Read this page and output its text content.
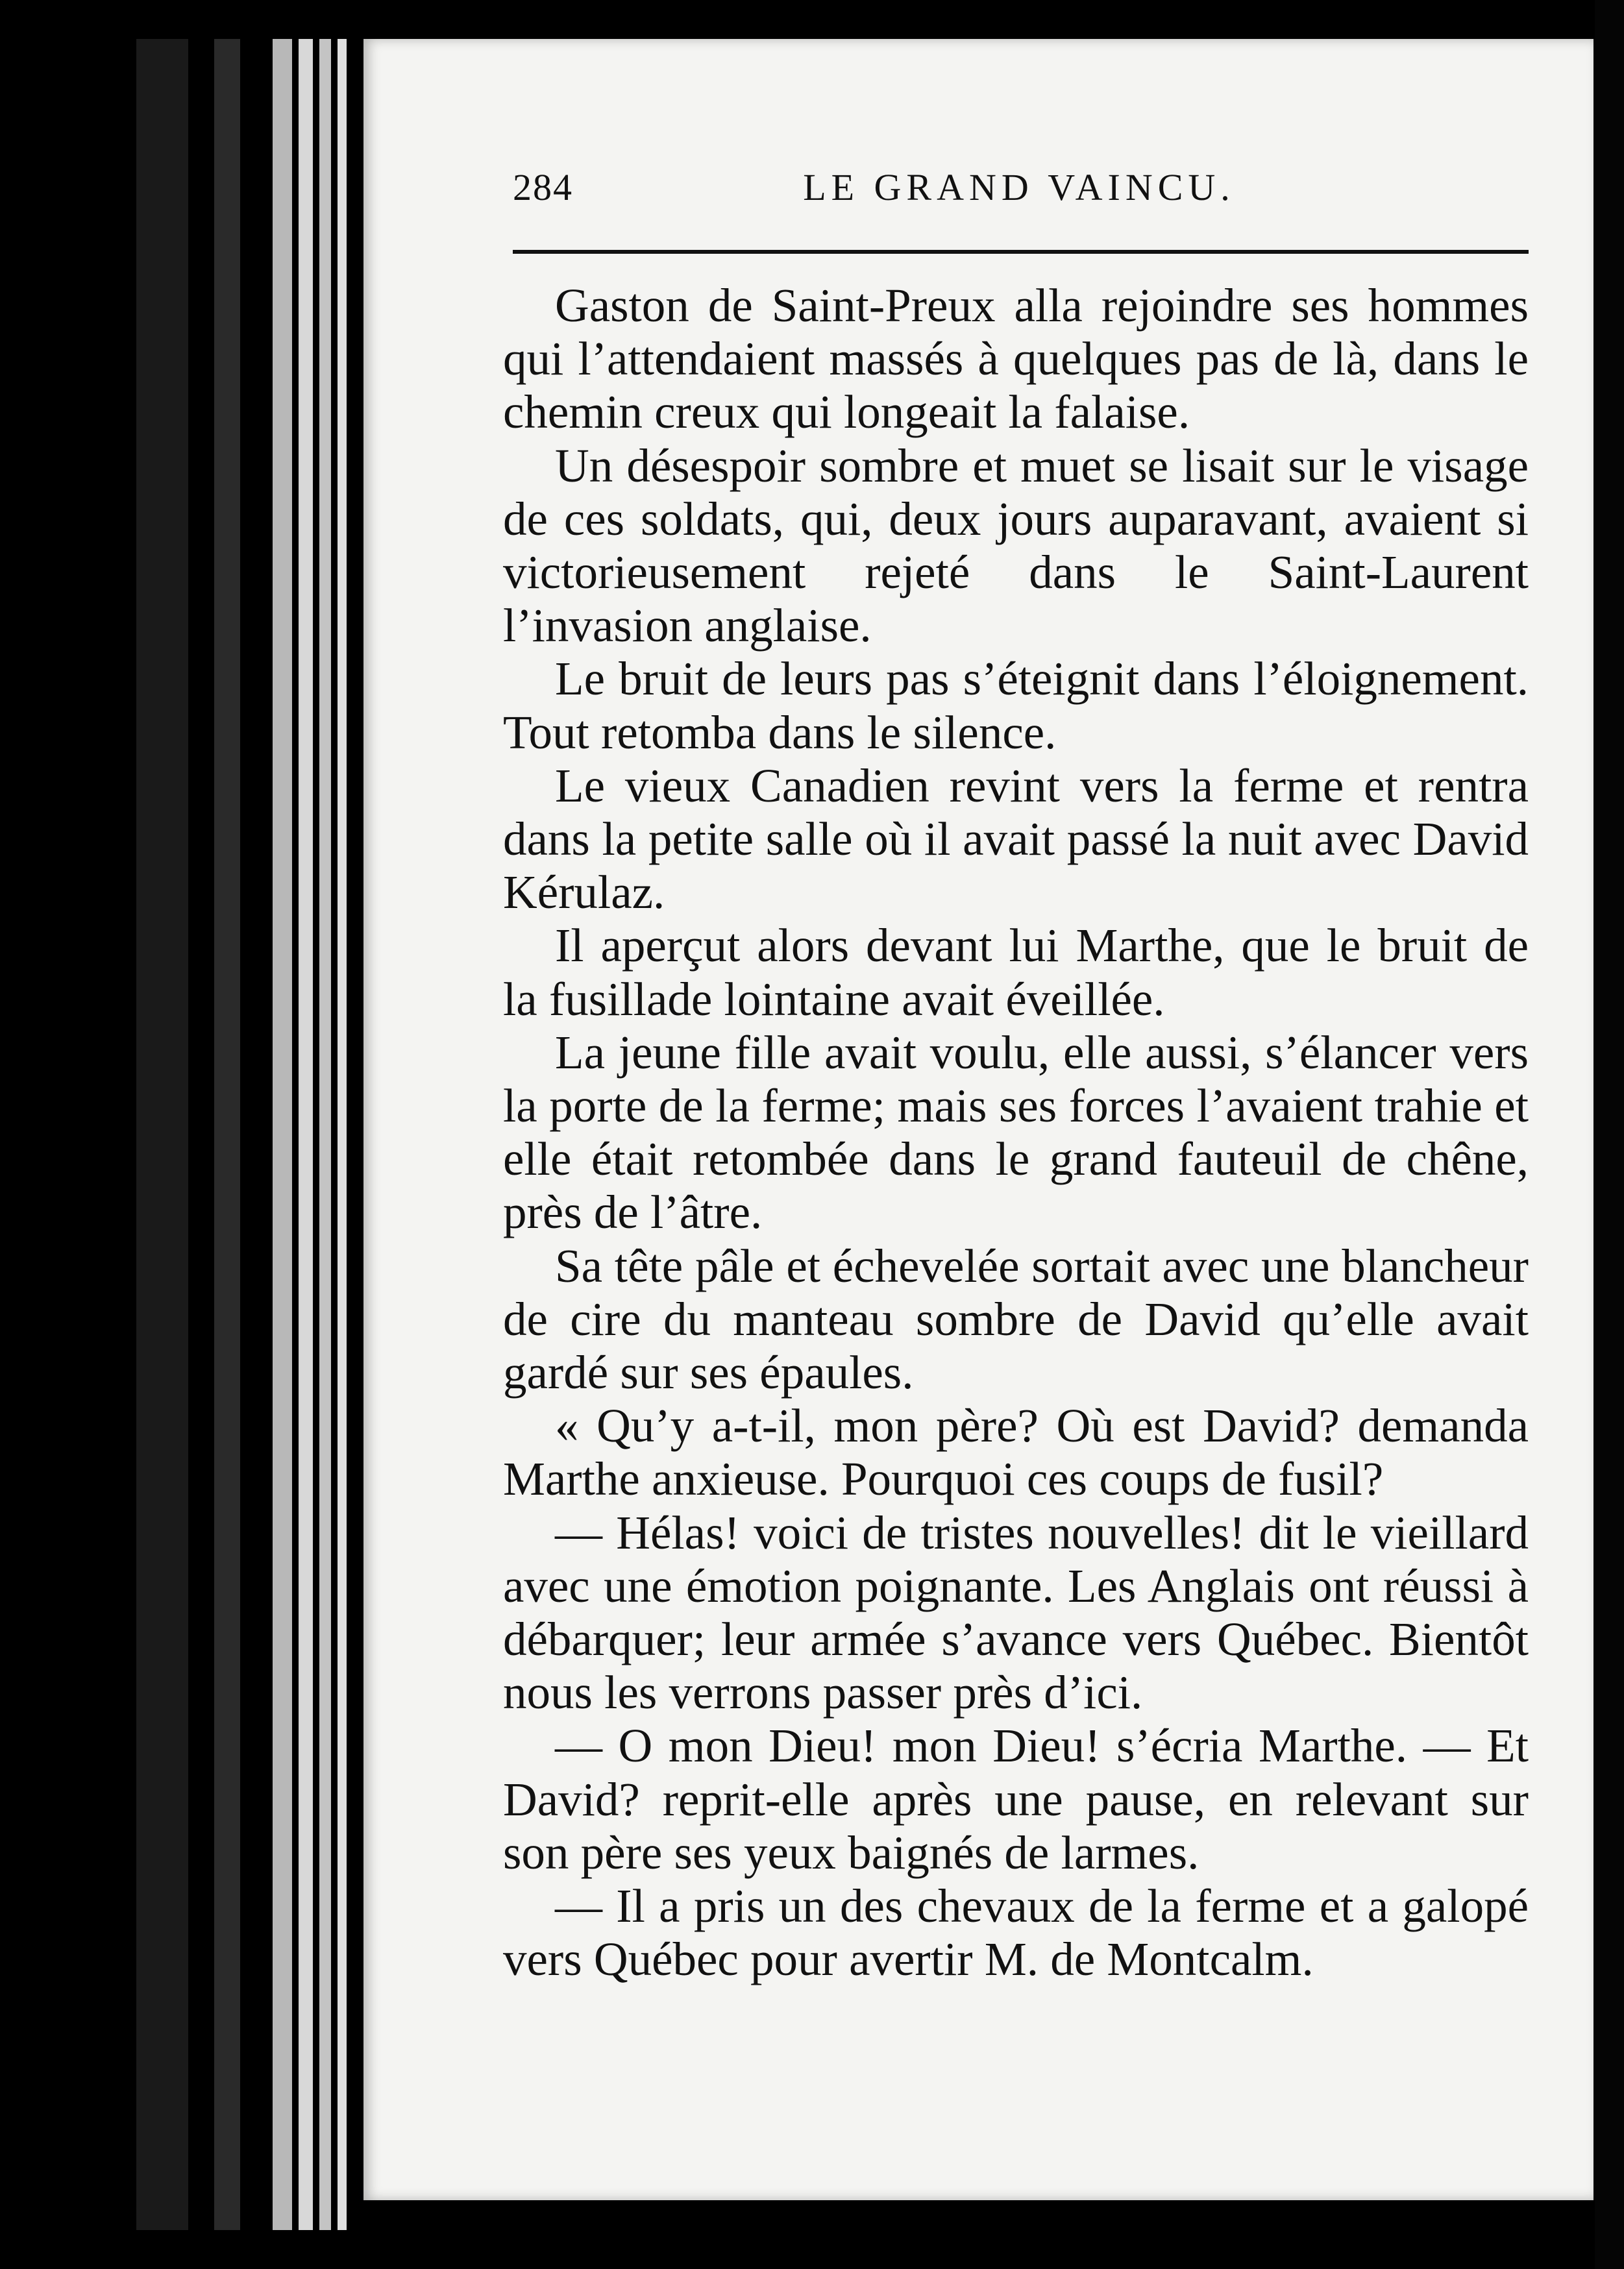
284	LE GRAND VAINCU.

Gaston de Saint-Preux alla rejoindre ses hommes qui l’attendaient massés à quelques pas de là, dans le chemin creux qui longeait la falaise.

Un désespoir sombre et muet se lisait sur le visage de ces soldats, qui, deux jours auparavant, avaient si victorieusement rejeté dans le Saint-Laurent l’invasion anglaise.

Le bruit de leurs pas s’éteignit dans l’éloignement. Tout retomba dans le silence.

Le vieux Canadien revint vers la ferme et rentra dans la petite salle où il avait passé la nuit avec David Kérulaz.

Il aperçut alors devant lui Marthe, que le bruit de la fusillade lointaine avait éveillée.

La jeune fille avait voulu, elle aussi, s’élancer vers la porte de la ferme; mais ses forces l’avaient trahie et elle était retombée dans le grand fauteuil de chêne, près de l’âtre.

Sa tête pâle et échevelée sortait avec une blancheur de cire du manteau sombre de David qu’elle avait gardé sur ses épaules.

« Qu’y a-t-il, mon père? Où est David? demanda Marthe anxieuse. Pourquoi ces coups de fusil?

— Hélas! voici de tristes nouvelles! dit le vieillard avec une émotion poignante. Les Anglais ont réussi à débarquer; leur armée s’avance vers Québec. Bientôt nous les verrons passer près d’ici.

— O mon Dieu! mon Dieu! s’écria Marthe. — Et David? reprit-elle après une pause, en relevant sur son père ses yeux baignés de larmes.

— Il a pris un des chevaux de la ferme et a galopé vers Québec pour avertir M. de Montcalm.
